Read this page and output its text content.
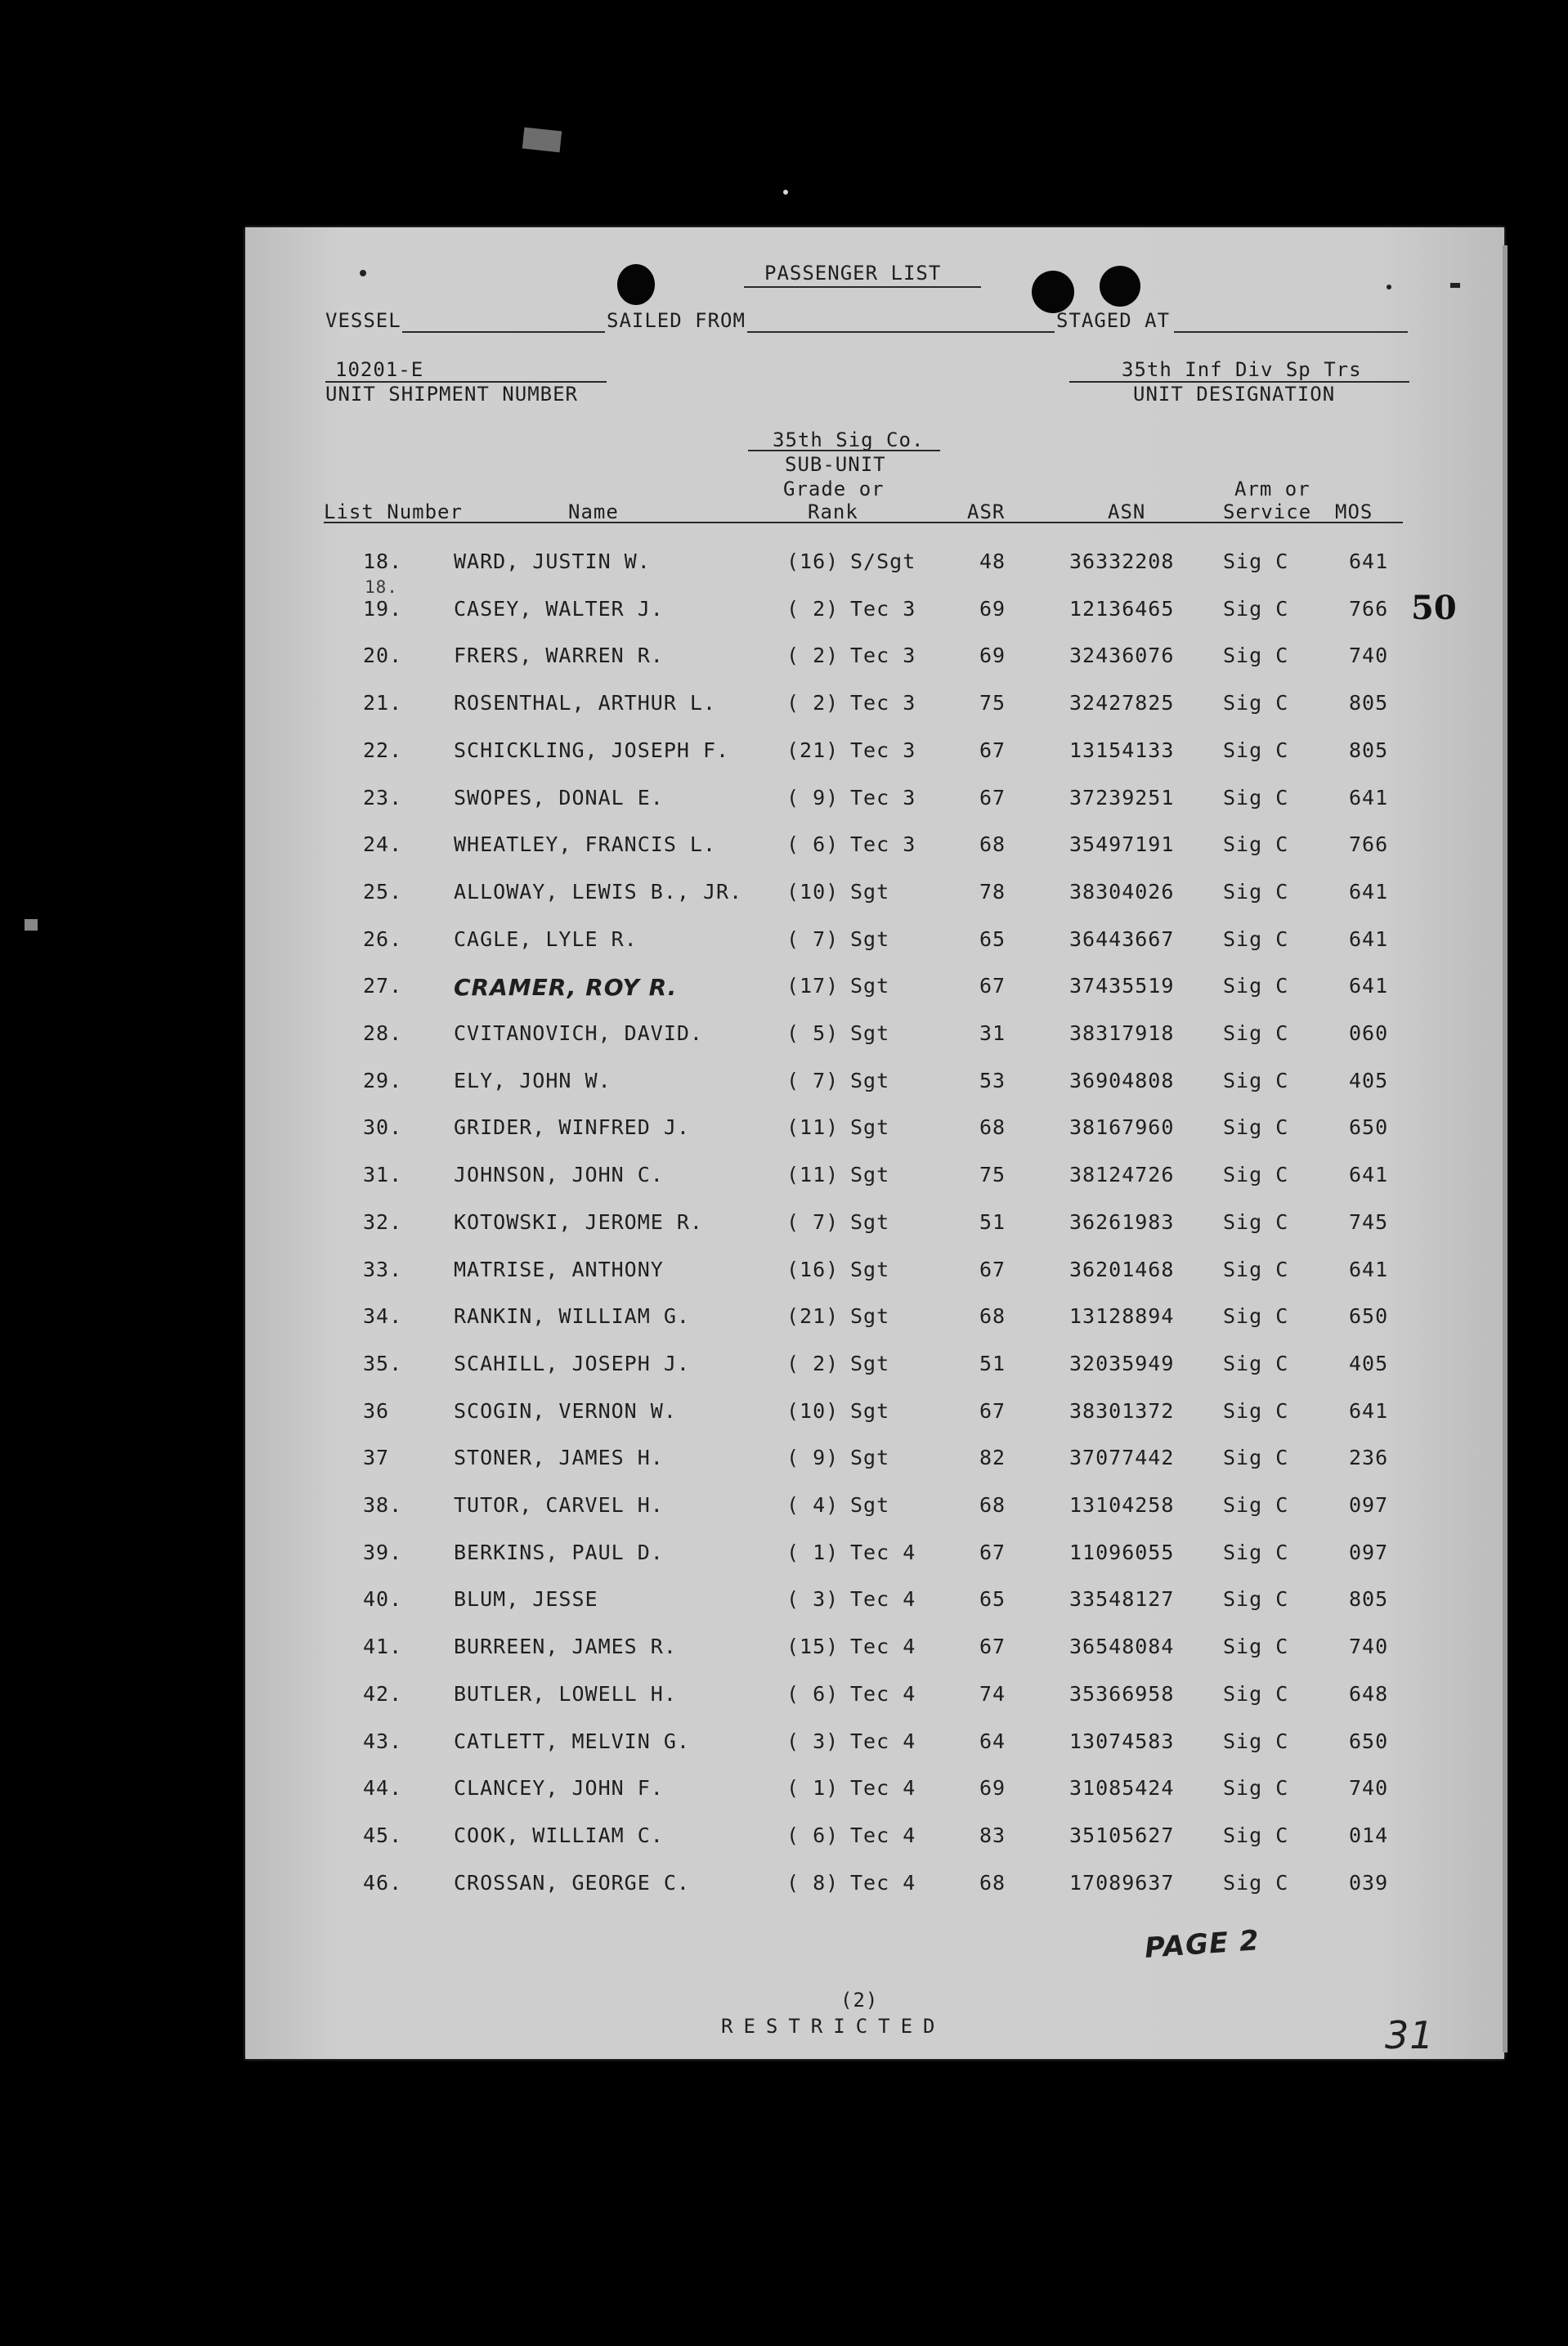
PASSENGER LIST
VESSEL	SAILED FROM	STAGED AT
10201-E
UNIT SHIPMENT NUMBER
35th Inf Div Sp Trs
UNIT DESIGNATION
35th Sig Co.
SUB-UNIT
Grade or	Arm or
List Number	Name	Rank	ASR	ASN	Service MOS
18.	WARD, JUSTIN W.	(16) S/Sgt	48	36332208 Sig C	641
19.	CASEY, WALTER J.	( 2) Tec 3	69	12136465 Sig C	766
20.	FRERS, WARREN R.	( 2) Tec 3	69	32436076 Sig C	740
21.	ROSENTHAL, ARTHUR L.	( 2) Tec 3	75	32427825 Sig C	805
22.	SCHICKLING, JOSEPH F.	(21) Tec 3	67	13154133 Sig C	805
23.	SWOPES, DONAL E.	( 9) Tec 3	67	37239251 Sig C	641
24.	WHEATLEY, FRANCIS L.	( 6) Tec 3	68	35497191 Sig C	766
25.	ALLOWAY, LEWIS B., JR. (10) Sgt	78	38304026 Sig C	641
26.	CAGLE, LYLE R.	( 7) Sgt	65	36443667 Sig C	641
27. CRAMER, ROY R.	(17) Sgt	67	37435519 Sig C	641
28.	CVITANOVICH, DAVID.	( 5) Sgt	31	38317918 Sig C	060
29.	ELY, JOHN W.	( 7) Sgt	53	36904808 Sig C	405
30.	GRIDER, WINFRED J.	(11) Sgt	68	38167960 Sig C	650
31.	JOHNSON, JOHN C.	(11) Sgt	75	38124726 Sig C	641
32.	KOTOWSKI, JEROME R.	( 7) Sgt	51	36261983 Sig C	745
33.	MATRISE, ANTHONY	(16) Sgt	67	36201468 Sig C	641
34.	RANKIN, WILLIAM G.	(21) Sgt	68	13128894 Sig C	650
35.	SCAHILL, JOSEPH J.	( 2) Sgt	51	32035949 Sig C	405
36	SCOGIN, VERNON W.	(10) Sgt	67	38301372 Sig C	641
37	STONER, JAMES H.	( 9) Sgt	82	37077442 Sig C	236
38.	TUTOR, CARVEL H.	( 4) Sgt	68	13104258 Sig C	097
39.	BERKINS, PAUL D.	( 1) Tec 4	67	11096055 Sig C	097
40.	BLUM, JESSE	( 3) Tec 4	65	33548127 Sig C	805
41.	BURREEN, JAMES R.	(15) Tec 4	67	36548084 Sig C	740
42.	BUTLER, LOWELL H.	( 6) Tec 4	74	35366958 Sig C	648
43.	CATLETT, MELVIN G.	( 3) Tec 4	64	13074583 Sig C	650
44.	CLANCEY, JOHN F.	( 1) Tec 4	69	31085424 Sig C	740
45.	COOK, WILLIAM C.	( 6) Tec 4	83	35105627 Sig C	014
46.	CROSSAN, GEORGE C.	( 8) Tec 4	68	17089637 Sig C	039
18.
50
PAGE 2
(2)
RESTRICTED	31
